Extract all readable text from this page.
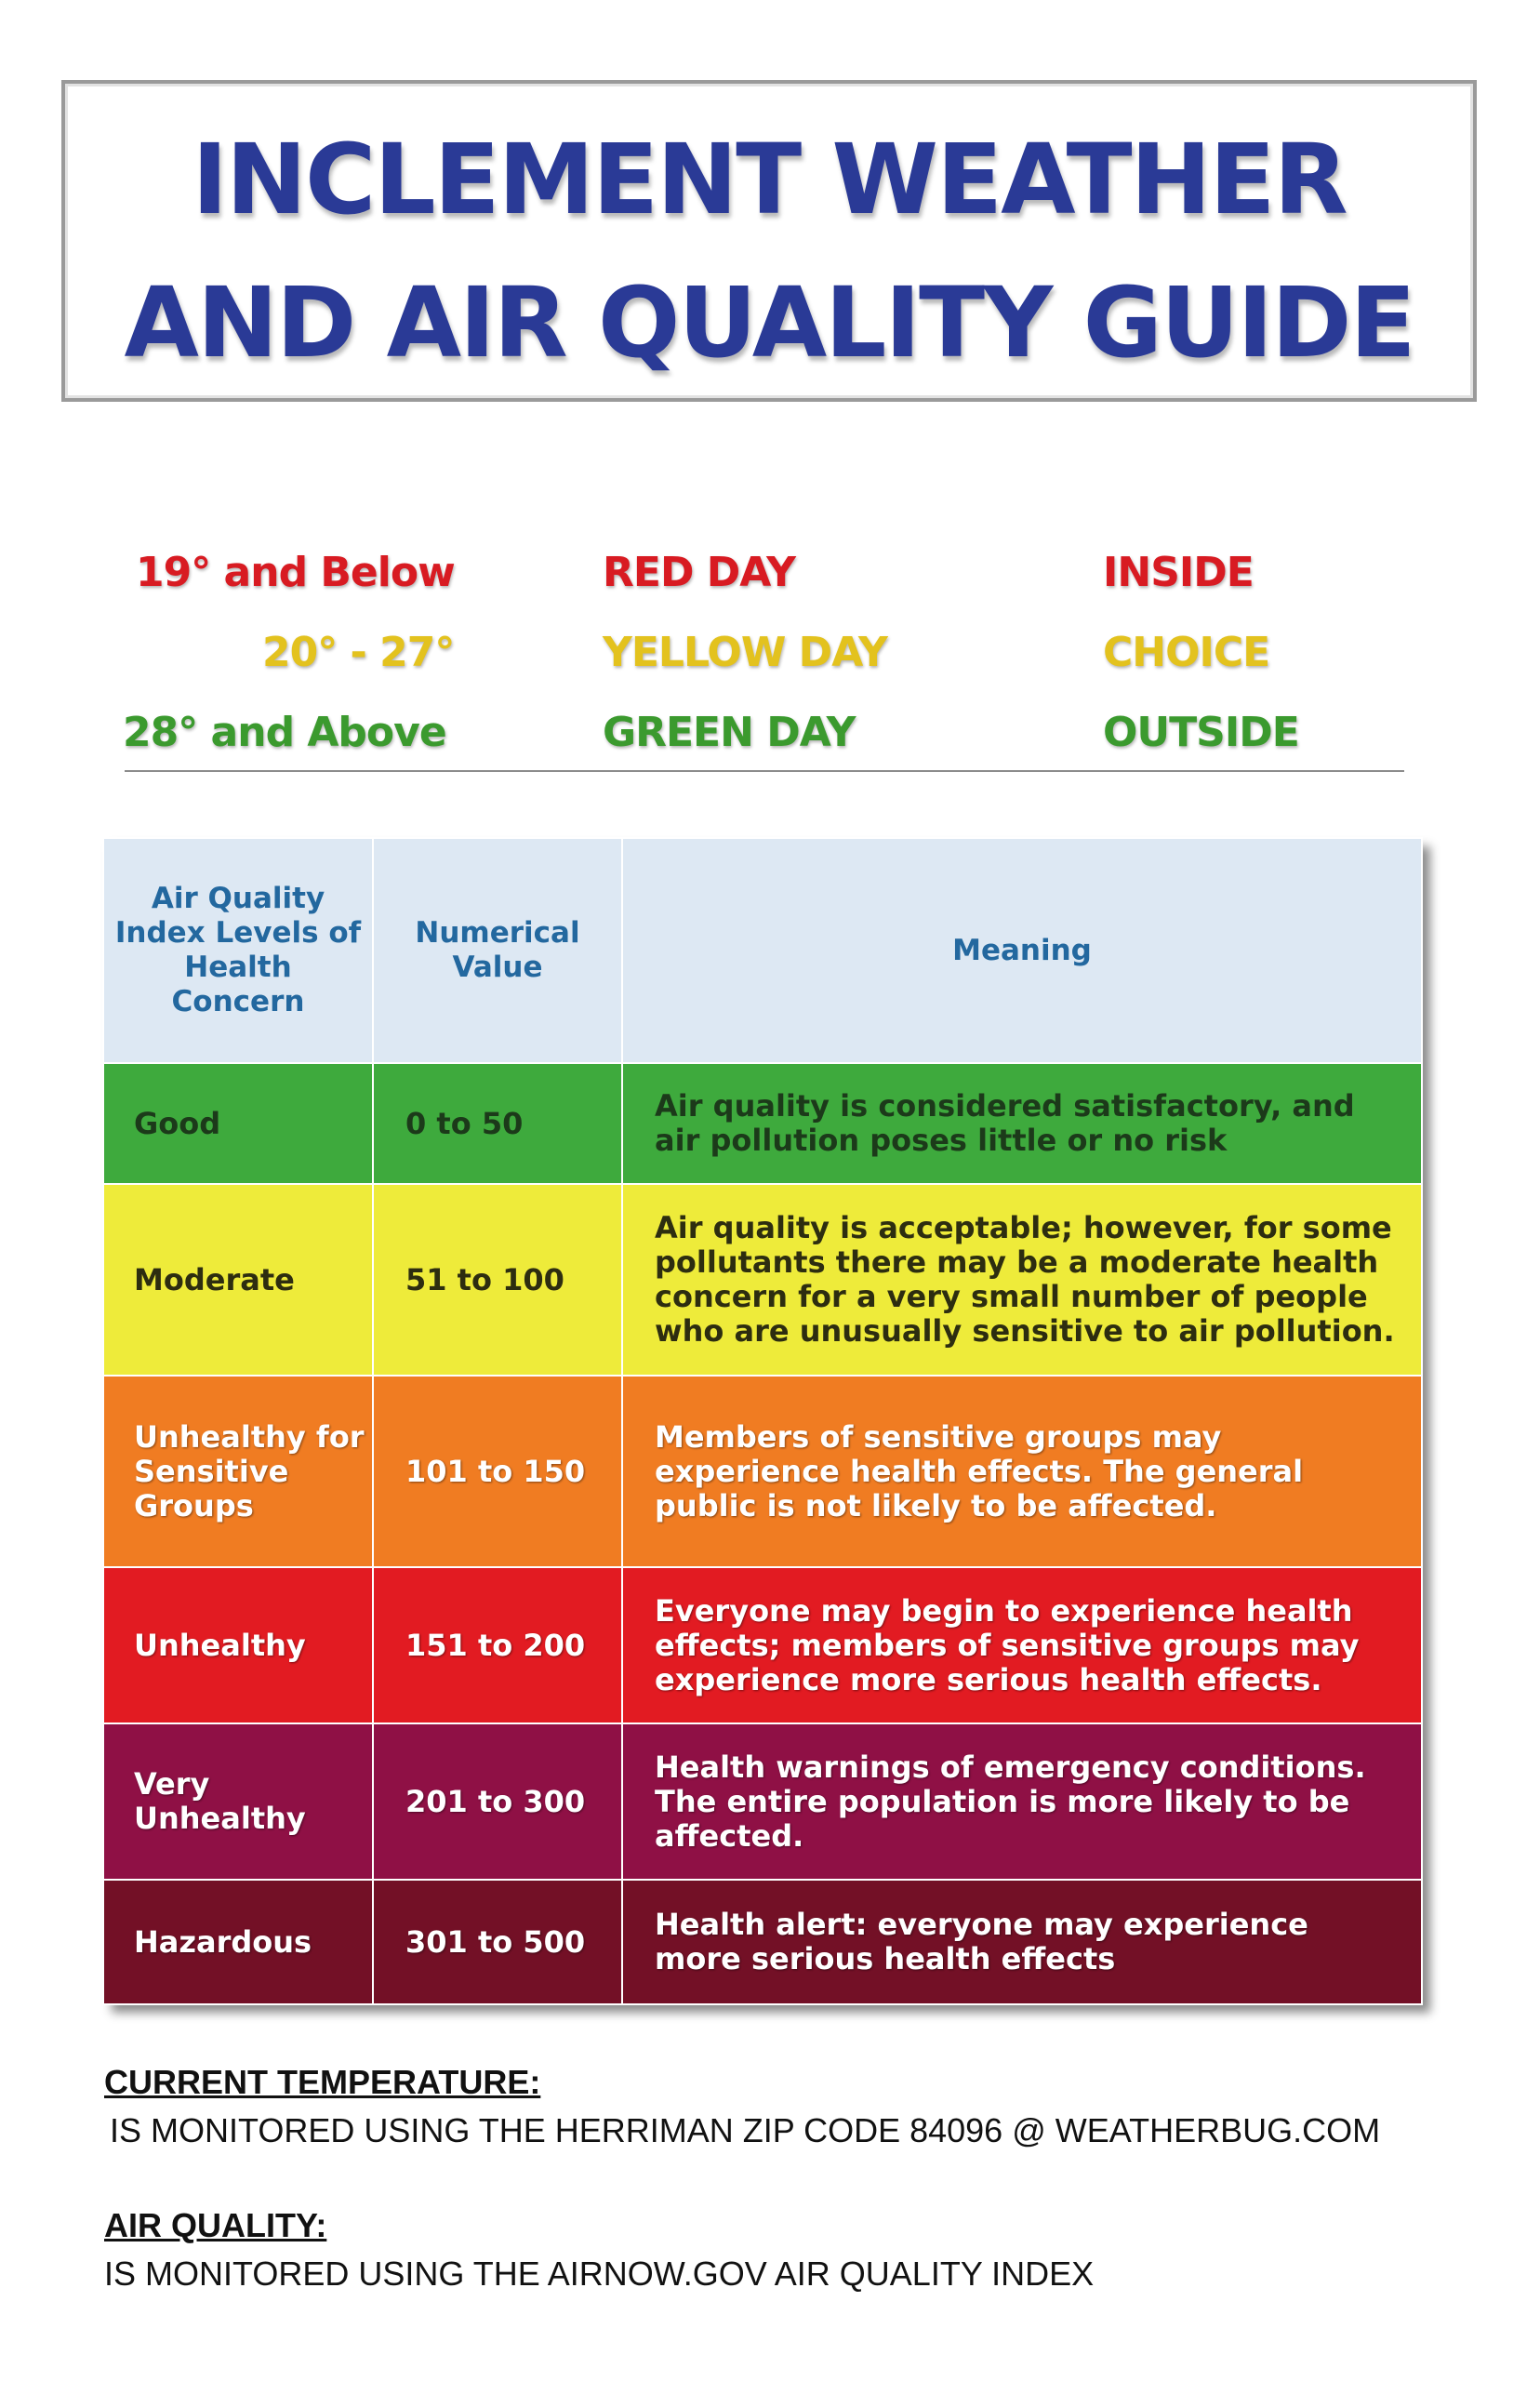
INCLEMENT WEATHER
AND AIR QUALITY GUIDE
19° and Below	RED DAY	INSIDE
20° - 27°	YELLOW DAY	CHOICE
28° and Above	GREEN DAY	OUTSIDE
Air Quality Index Levels of Health Concern	Numerical Value	Meaning
Good	0 to 50	Air quality is considered satisfactory, and air pollution poses little or no risk
Moderate	51 to 100	Air quality is acceptable; however, for some pollutants there may be a moderate health concern for a very small number of people who are unusually sensitive to air pollution.
Unhealthy for Sensitive Groups	101 to 150	Members of sensitive groups may experience health effects. The general public is not likely to be affected.
Unhealthy	151 to 200	Everyone may begin to experience health effects; members of sensitive groups may experience more serious health effects.
Very Unhealthy	201 to 300	Health warnings of emergency conditions. The entire population is more likely to be affected.
Hazardous	301 to 500	Health alert: everyone may experience more serious health effects
CURRENT TEMPERATURE:
IS MONITORED USING THE HERRIMAN ZIP CODE 84096 @ WEATHERBUG.COM
AIR QUALITY:
IS MONITORED USING THE AIRNOW.GOV AIR QUALITY INDEX
